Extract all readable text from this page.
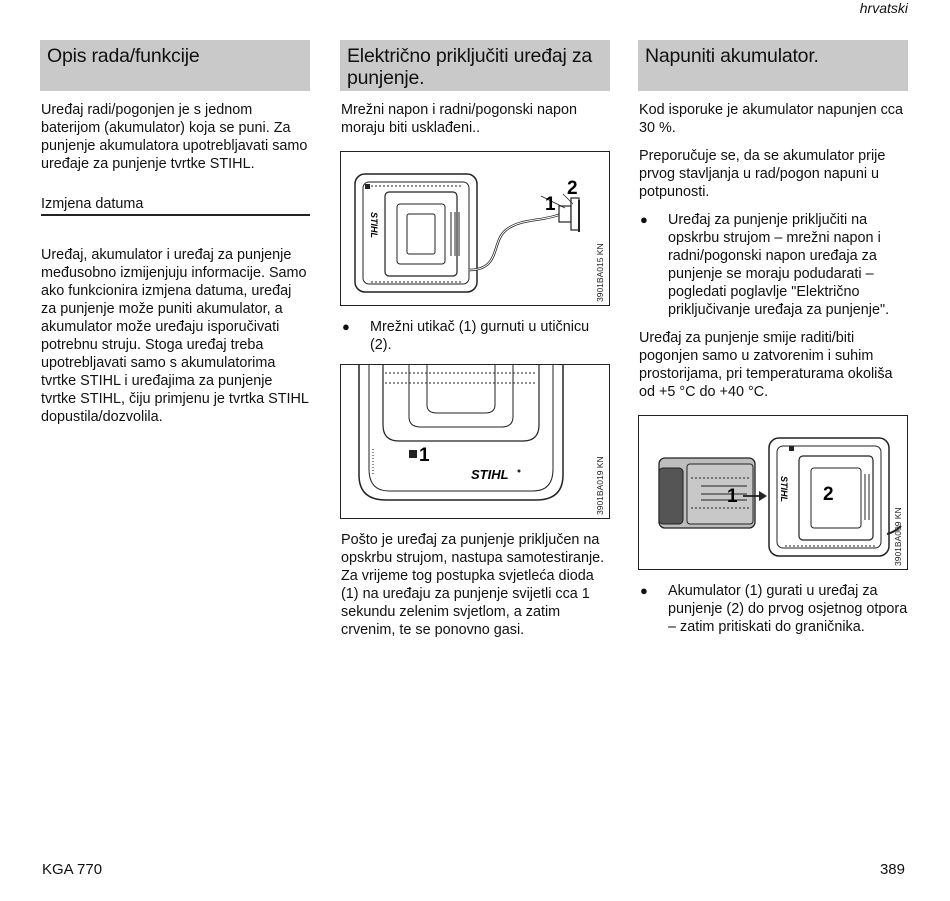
hrvatski
Opis rada/funkcije
Uređaj radi/pogonjen je s jednom baterijom (akumulator) koja se puni. Za punjenje akumulatora upotrebljavati samo uređaje za punjenje tvrtke STIHL.
Izmjena datuma
Uređaj, akumulator i uređaj za punjenje međusobno izmijenjuju informacije. Samo ako funkcionira izmjena datuma, uređaj za punjenje može puniti akumulator, a akumulator može uređaju isporučivati potrebnu struju. Stoga uređaj treba upotrebljavati samo s akumulatorima tvrtke STIHL i uređajima za punjenje tvrtke STIHL, čiju primjenu je tvrtka STIHL dopustila/dozvolila.
Električno priključiti uređaj za punjenje.
Mrežni napon i radni/pogonski napon moraju biti usklađeni..
STIHL
1
2
3901BA015 KN
● Mrežni utikač (1) gurnuti u utičnicu (2).
1
STIHL	3901BA019 KN
Pošto je uređaj za punjenje priključen na opskrbu strujom, nastupa samotestiranje. Za vrijeme tog postupka svjetleća dioda (1) na uređaju za punjenje svijetli cca 1 sekundu zelenim svjetlom, a zatim crvenim, te se ponovno gasi.
Napuniti akumulator.
Kod isporuke je akumulator napunjen cca 30 %.
Preporučuje se, da se akumulator prije prvog stavljanja u rad/pogon napuni u potpunosti.
● Uređaj za punjenje priključiti na opskrbu strujom – mrežni napon i radni/pogonski napon uređaja za punjenje se moraju podudarati – pogledati poglavlje "Električno priključivanje uređaja za punjenje".
Uređaj za punjenje smije raditi/biti pogonjen samo u zatvorenim i suhim prostorijama, pri temperaturama okoliša od +5 °C do +40 °C.
1	STIHL 2
3901BA009 KN
● Akumulator (1) gurati u uređaj za punjenje (2) do prvog osjetnog otpora – zatim pritiskati do graničnika.
KGA 770	389
